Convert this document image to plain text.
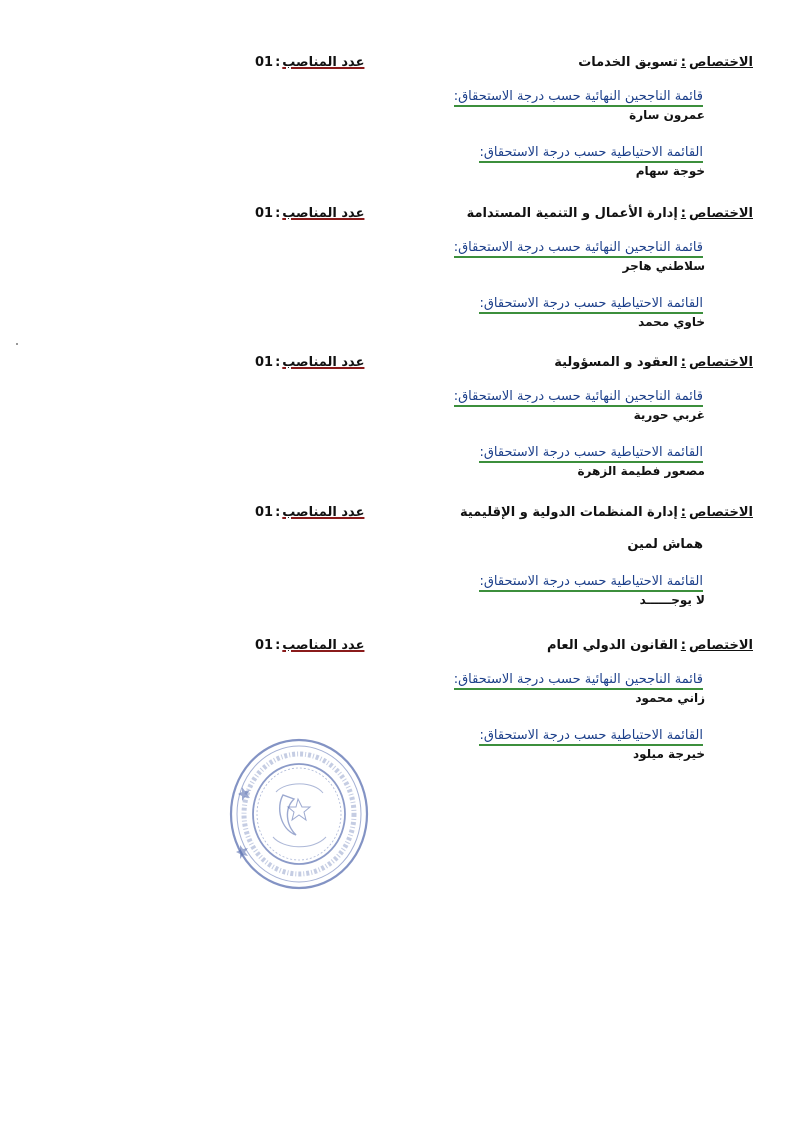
الاختصاص:تسويق الخدمات
عدد المناصب:01
قائمة الناجحين النهائية حسب درجة الاستحقاق:
عمرون سارة
القائمة الاحتياطية حسب درجة الاستحقاق:
خوجة سهام
الاختصاص:إدارة الأعمال و التنمية المستدامة
عدد المناصب:01
قائمة الناجحين النهائية حسب درجة الاستحقاق:
سلاطني هاجر
القائمة الاحتياطية حسب درجة الاستحقاق:
خاوي محمد
الاختصاص:العقود و المسؤولية
عدد المناصب:01
قائمة الناجحين النهائية حسب درجة الاستحقاق:
غربي حورية
القائمة الاحتياطية حسب درجة الاستحقاق:
مصعور فطيمة الزهرة
الاختصاص:إدارة المنظمات الدولية و الإقليمية
عدد المناصب:01
هماش لمين
القائمة الاحتياطية حسب درجة الاستحقاق:
لا يوجــــــد
الاختصاص:القانون الدولي العام
عدد المناصب:01
قائمة الناجحين النهائية حسب درجة الاستحقاق:
زاني محمود
القائمة الاحتياطية حسب درجة الاستحقاق:
خيرجة ميلود
